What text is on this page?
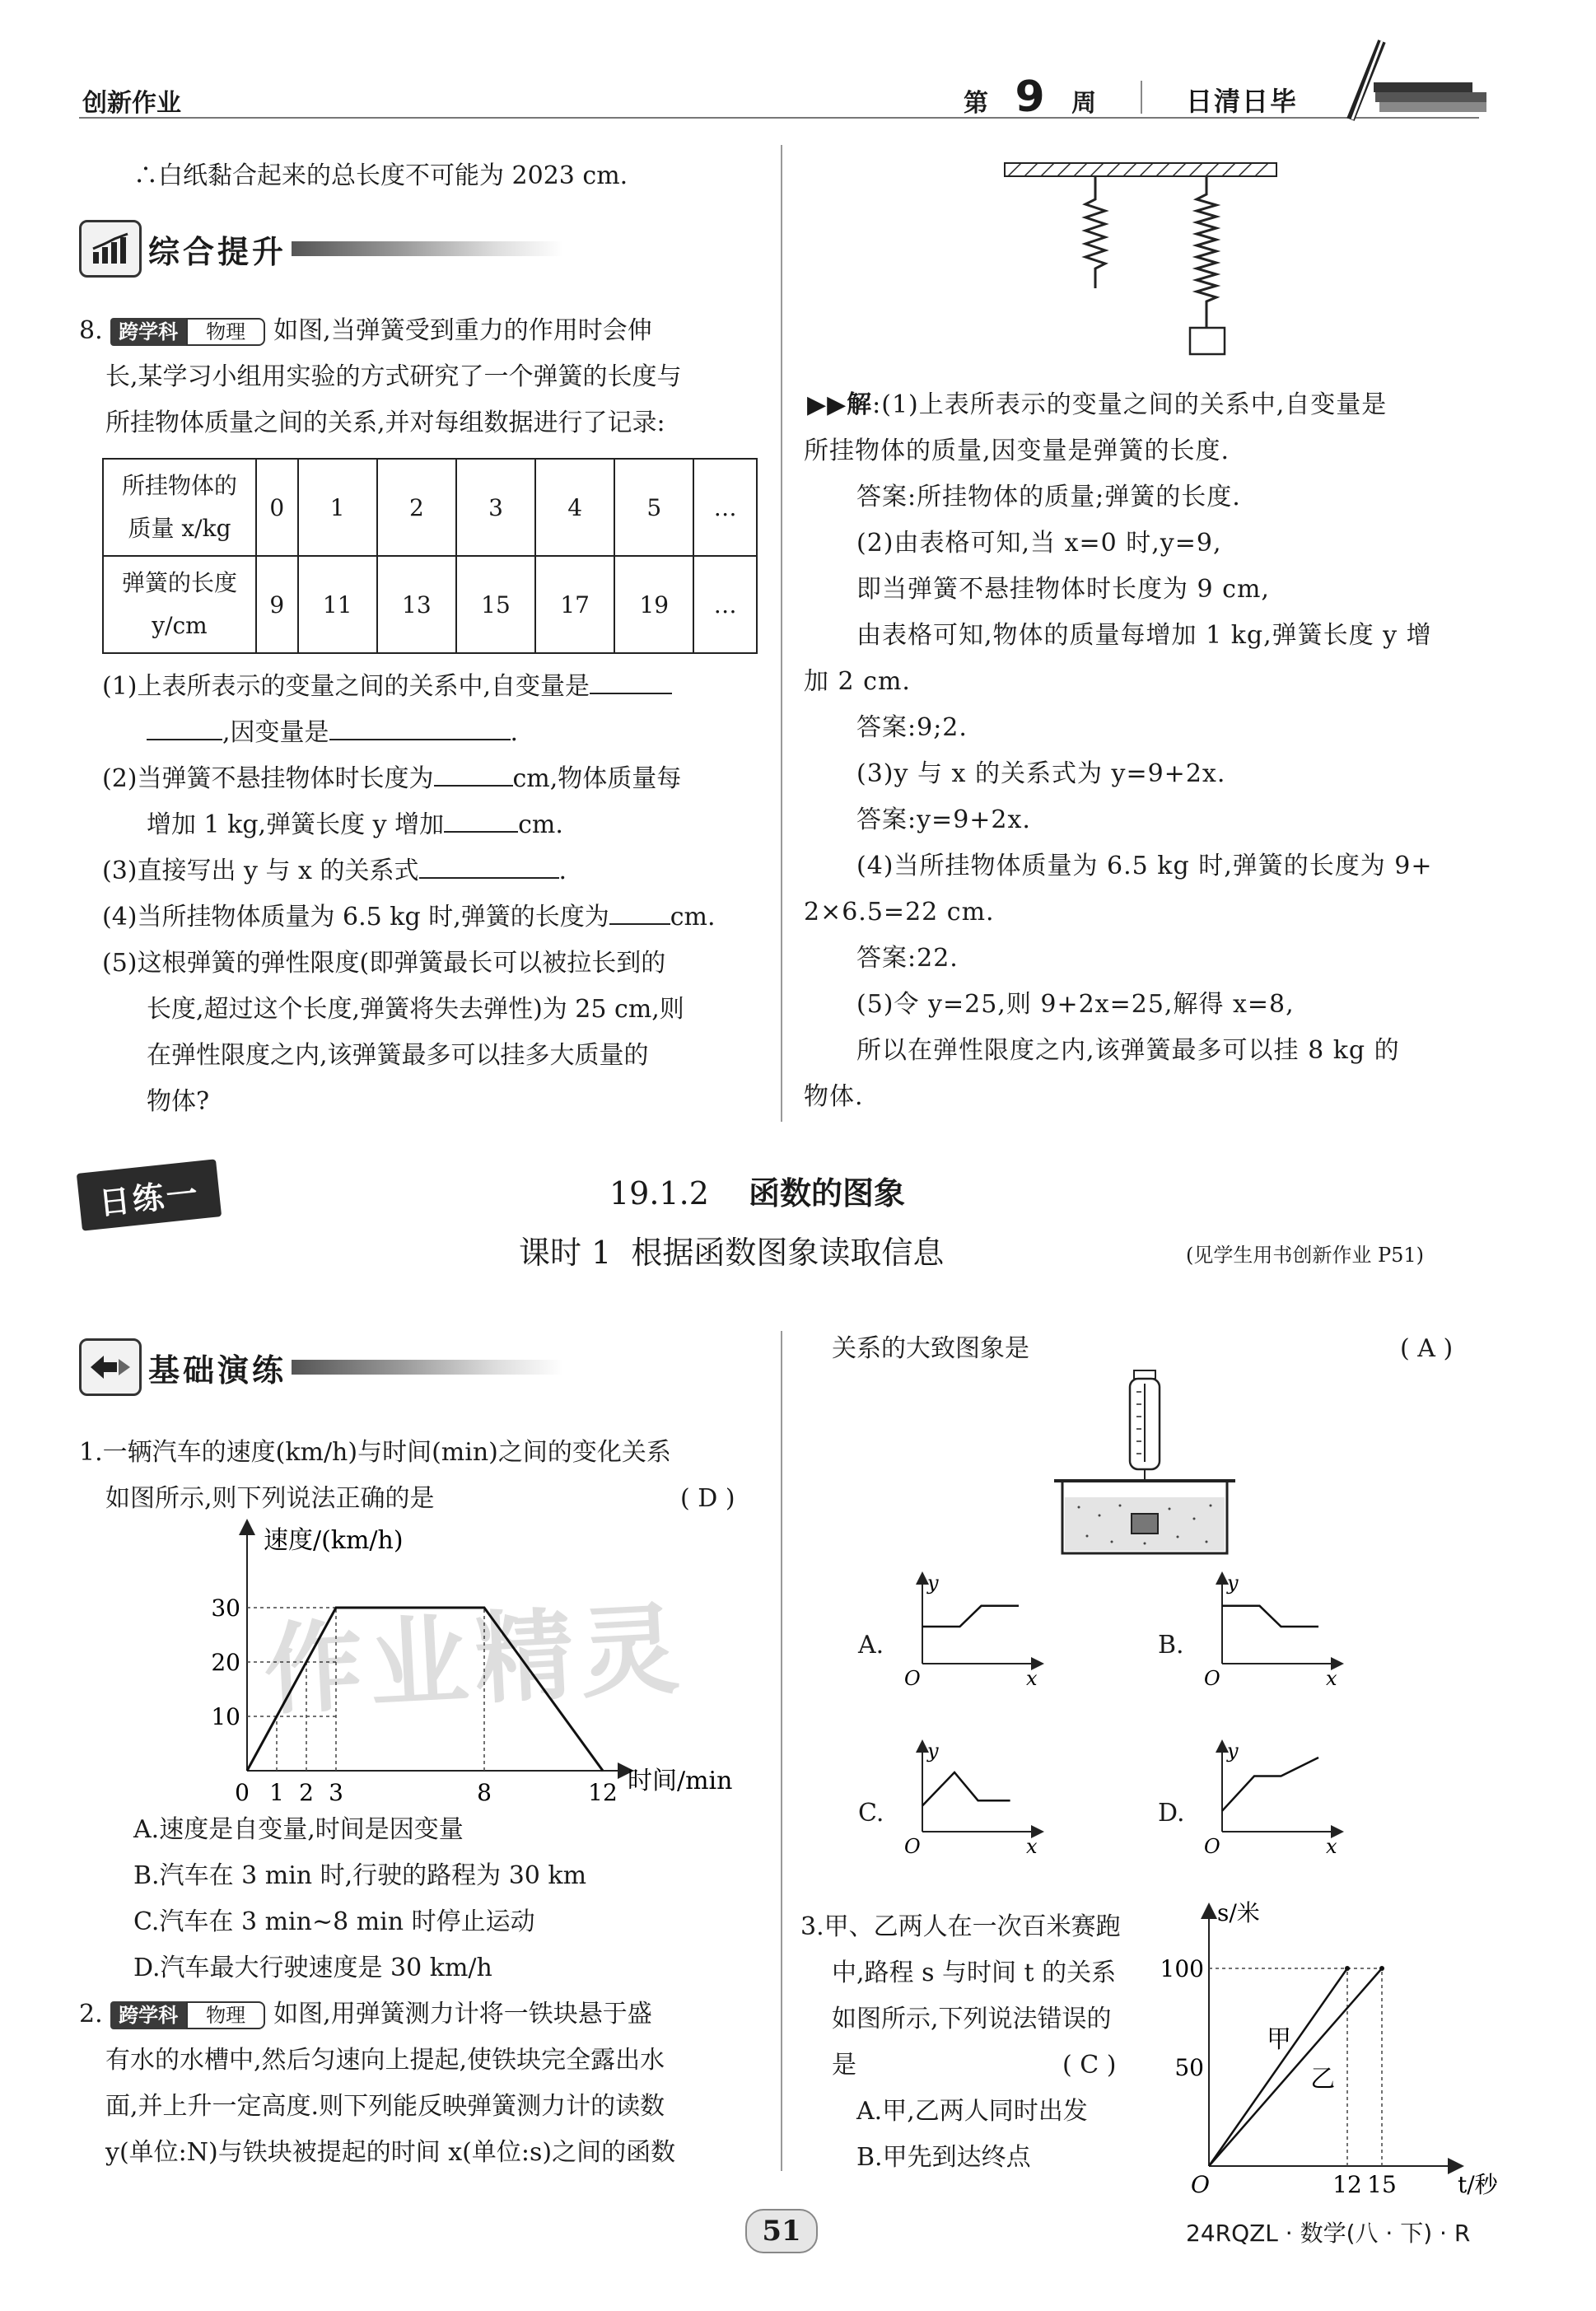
创新作业	第 9 周	日清日毕
∴白纸黏合起来的总长度不可能为 2023 cm.
综合提升
8. 跨学科 物理 如图,当弹簧受到重力的作用时会伸
长,某学习小组用实验的方式研究了一个弹簧的长度与
所挂物体质量之间的关系,并对每组数据进行了记录:
所挂物体的
质量 x/kg	0	1	2	3	4	5	…

弹簧的长度
y/cm	9	11	13	15	17	19	…
(1)上表所表示的变量之间的关系中,自变量是
,因变量是	.
(2)当弹簧不悬挂物体时长度为	cm,物体质量每
增加 1 kg,弹簧长度 y 增加	cm.
(3)直接写出 y 与 x 的关系式	.
(4)当所挂物体质量为 6.5 kg 时,弹簧的长度为 cm.
(5)这根弹簧的弹性限度(即弹簧最长可以被拉长到的
长度,超过这个长度,弹簧将失去弹性)为 25 cm,则
在弹性限度之内,该弹簧最多可以挂多大质量的
物体?
▶▶解:(1)上表所表示的变量之间的关系中,自变量是
所挂物体的质量,因变量是弹簧的长度.
答案:所挂物体的质量;弹簧的长度.
(2)由表格可知,当 x=0 时,y=9,
即当弹簧不悬挂物体时长度为 9 cm,
由表格可知,物体的质量每增加 1 kg,弹簧长度 y 增
加 2 cm.
答案:9;2.
(3)y 与 x 的关系式为 y=9+2x.
答案:y=9+2x.
(4)当所挂物体质量为 6.5 kg 时,弹簧的长度为 9+
2×6.5=22 cm.
答案:22.
(5)令 y=25,则 9+2x=25,解得 x=8,
所以在弹性限度之内,该弹簧最多可以挂 8 kg 的
物体.
日练一	19.1.2 函数的图象
课时 1  根据函数图象读取信息	(见学生用书创新作业 P51)
基础演练
1.一辆汽车的速度(km/h)与时间(min)之间的变化关系
如图所示,则下列说法正确的是	( D )
速度/(km/h)
时间/min
30
20
10
0 1 2 3	8	12
A.速度是自变量,时间是因变量
B.汽车在 3 min 时,行驶的路程为 30 km
C.汽车在 3 min~8 min 时停止运动
D.汽车最大行驶速度是 30 km/h
2. 跨学科 物理 如图,用弹簧测力计将一铁块悬于盛
有水的水槽中,然后匀速向上提起,使铁块完全露出水
面,并上升一定高度.则下列能反映弹簧测力计的读数
y(单位:N)与铁块被提起的时间 x(单位:s)之间的函数
关系的大致图象是	( A )
A.
y
x
O
B.
y
x
O
C.
y
x
O
D.
y
x
O
3.甲、乙两人在一次百米赛跑
中,路程 s 与时间 t 的关系
如图所示,下列说法错误的
是	( C )
A.甲,乙两人同时出发
B.甲先到达终点
s/米
t/秒
O
100
50
12 15
甲
乙
作业精灵
51	24RQZL · 数学(八 · 下) · R
